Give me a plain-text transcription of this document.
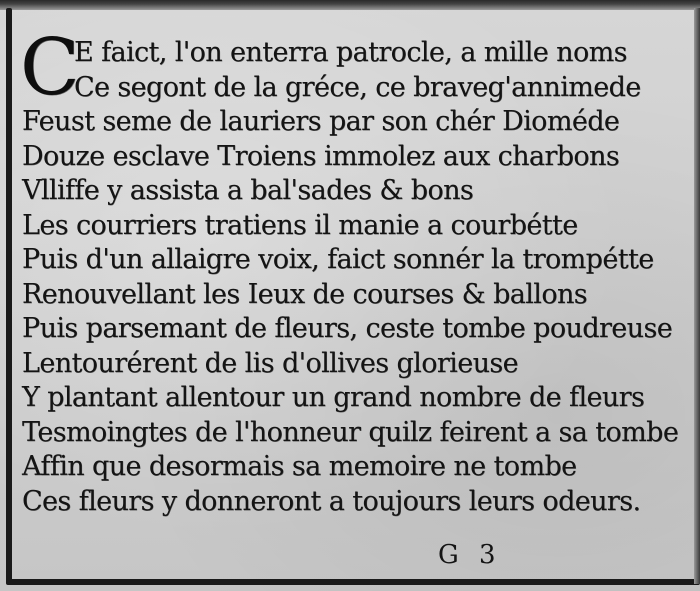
C
E faict, l'on enterra patrocle, a mille noms
Ce segont de la gréce, ce braveg'annimede
Feust seme de lauriers par son chér Dioméde
Douze esclave Troiens immolez aux charbons
Vlliffe y assista a bal'sades & bons
Les courriers tratiens il manie a courbétte
Puis d'un allaigre voix, faict sonnér la trompétte
Renouvellant les Ieux de courses & ballons
Puis parsemant de fleurs, ceste tombe poudreuse
Lentourérent de lis d'ollives glorieuse
Y plantant allentour un grand nombre de fleurs
Tesmoingtes de l'honneur quilz feirent a sa tombe
Affin que desormais sa memoire ne tombe
Ces fleurs y donneront a toujours leurs odeurs.
G 3
